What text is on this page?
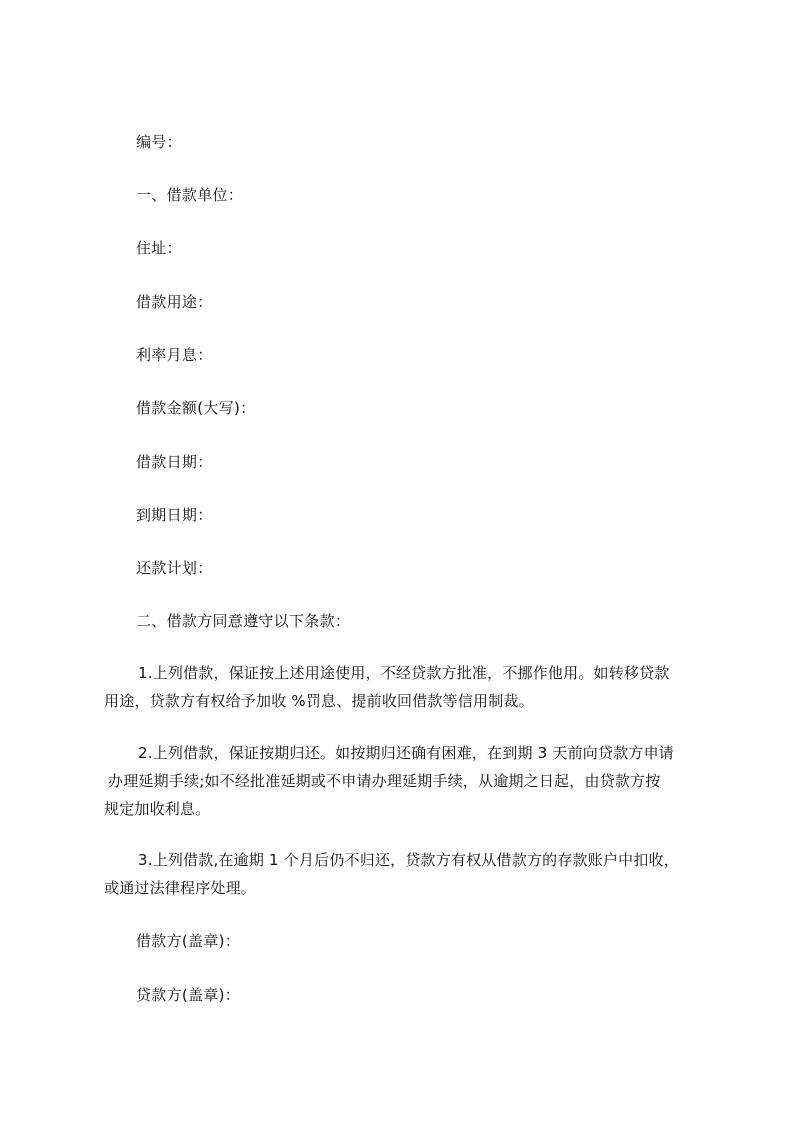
编号：
一、借款单位：
住址：
借款用途：
利率月息：
借款金额(大写)：
借款日期：
到期日期：
还款计划：
二、借款方同意遵守以下条款：
1.上列借款，保证按上述用途使用，不经贷款方批准，不挪作他用。如转移贷款
用途，贷款方有权给予加收 %罚息、提前收回借款等信用制裁。
2.上列借款，保证按期归还。如按期归还确有困难，在到期 3 天前向贷款方申请
办理延期手续;如不经批准延期或不申请办理延期手续，从逾期之日起，由贷款方按
规定加收利息。
3.上列借款,在逾期 1 个月后仍不归还，贷款方有权从借款方的存款账户中扣收，
或通过法律程序处理。
借款方(盖章)：
贷款方(盖章)：
